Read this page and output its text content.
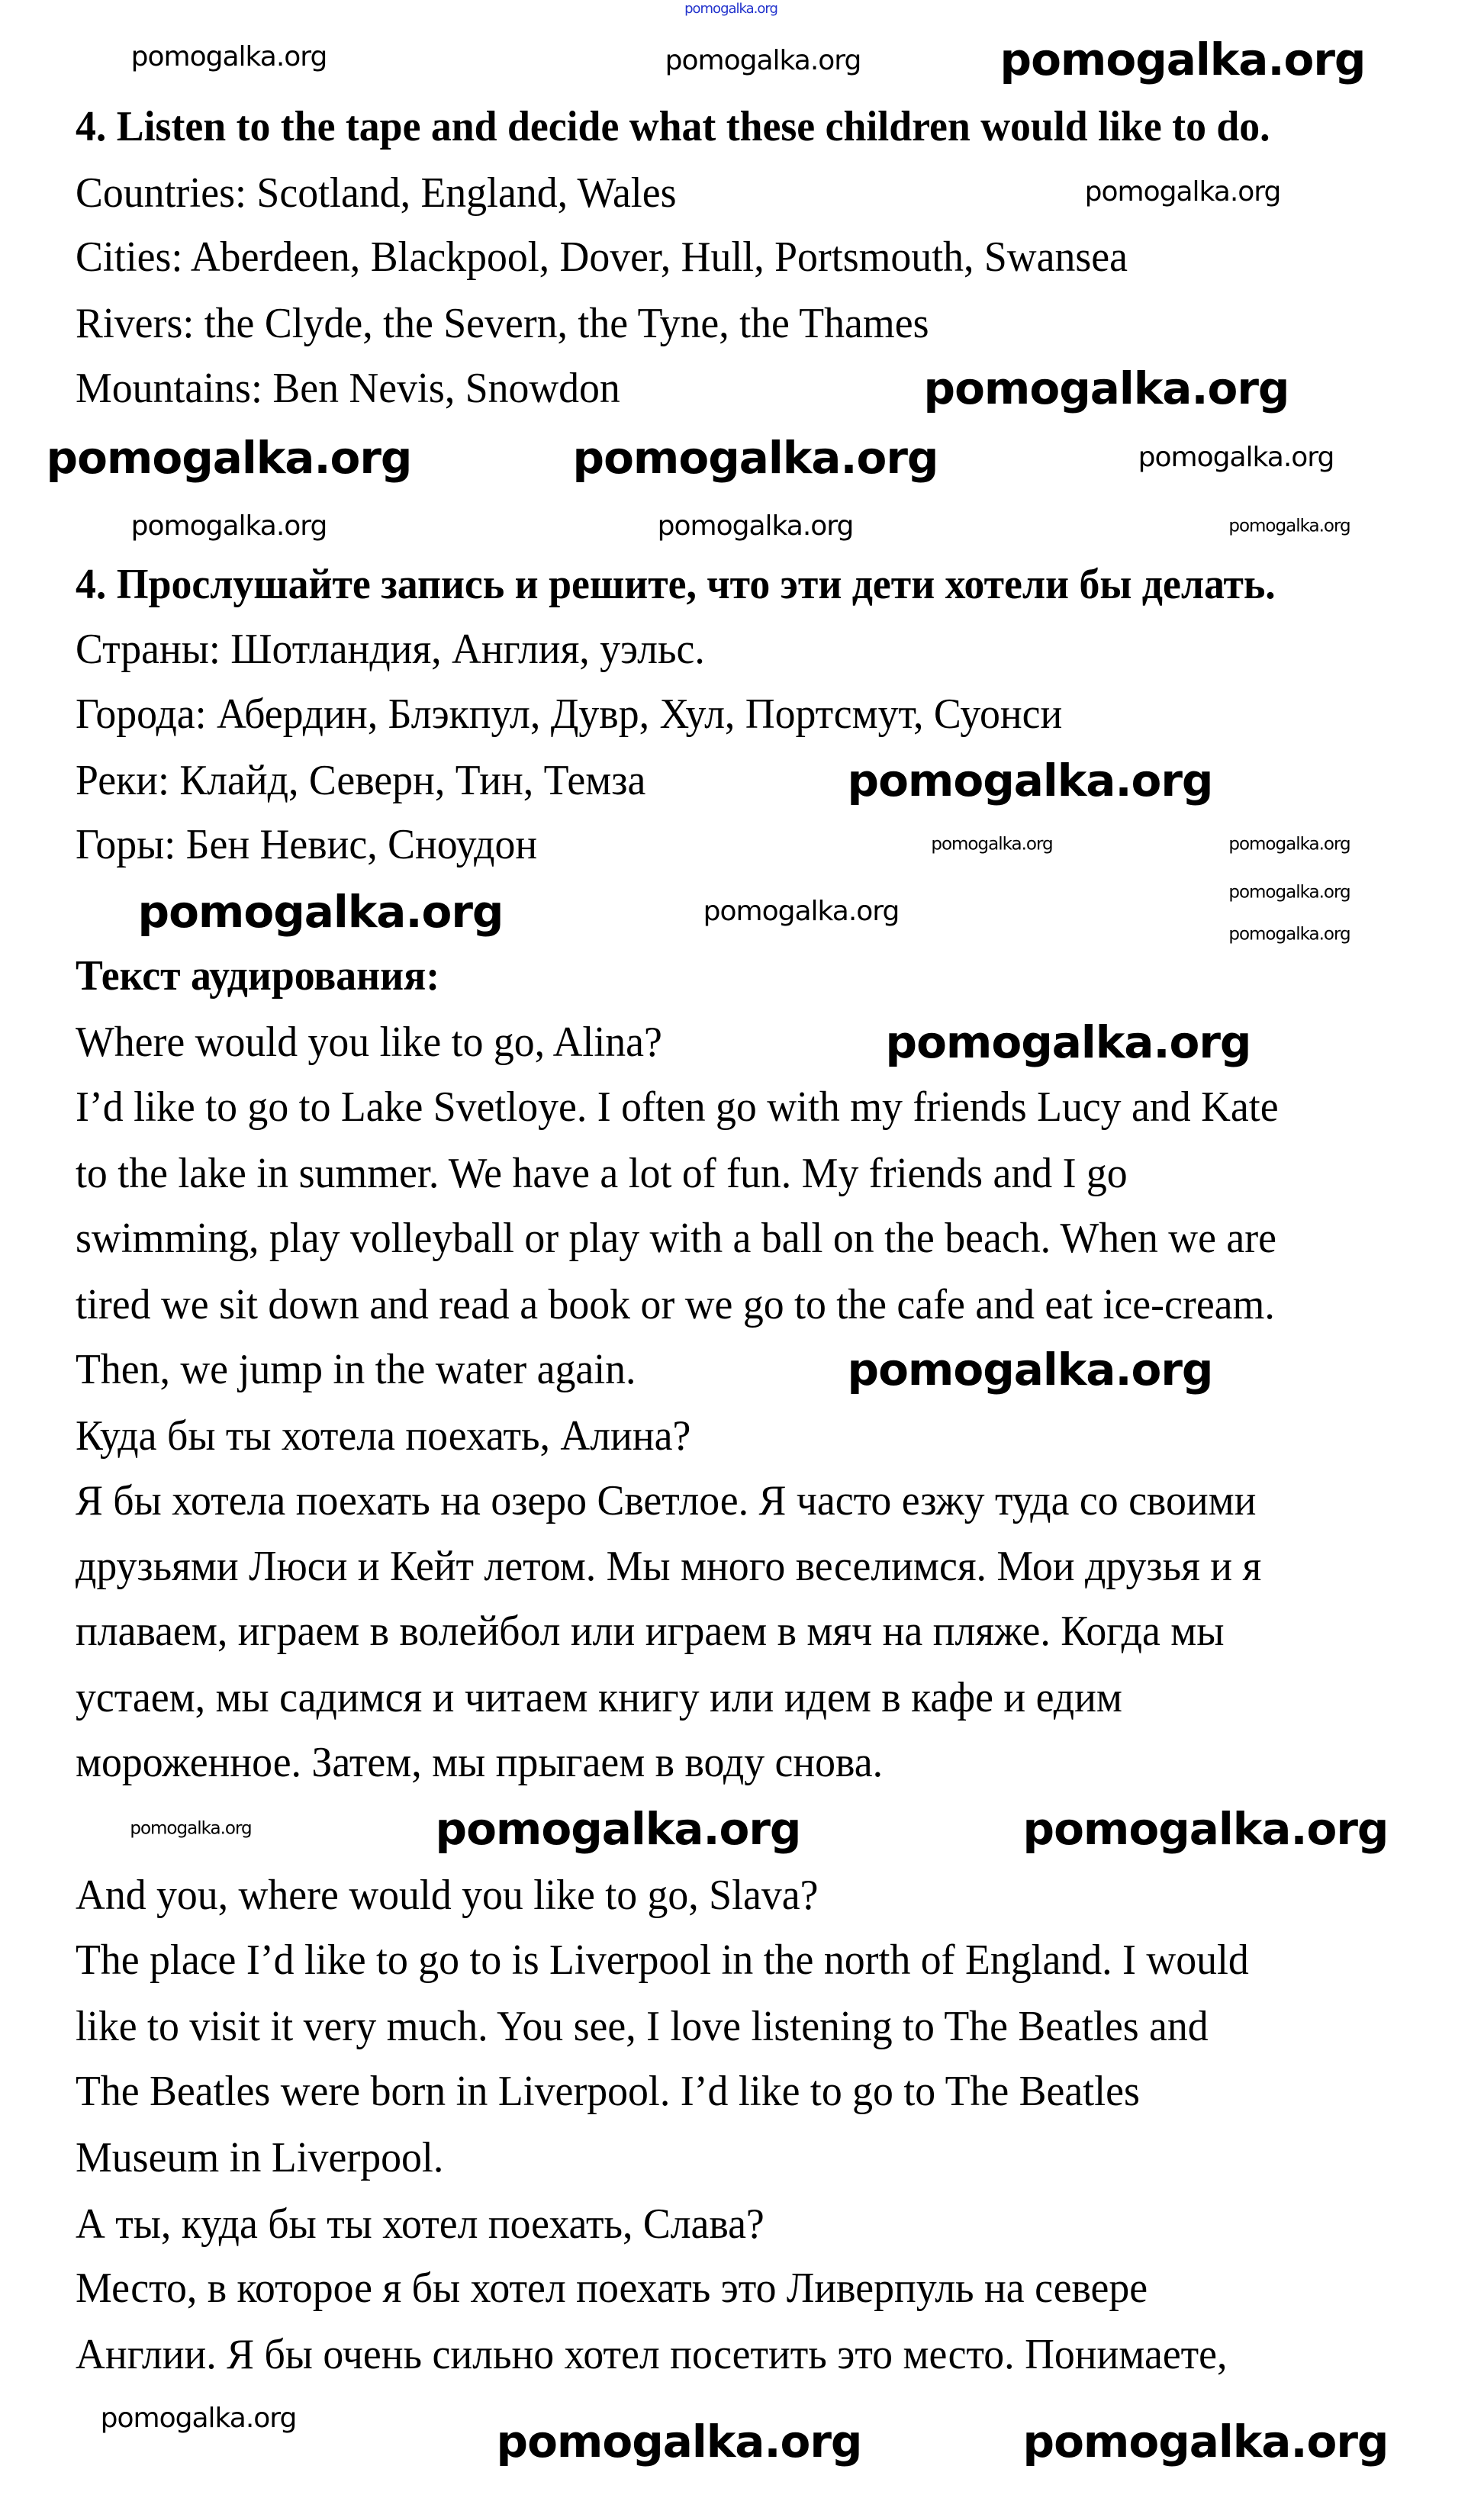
4. Listen to the tape and decide what these children would like to do.
Countries: Scotland, England, Wales
Cities: Aberdeen, Blackpool, Dover, Hull, Portsmouth, Swansea
Rivers: the Clyde, the Severn, the Tyne, the Thames
Mountains: Ben Nevis, Snowdon
4. Прослушайте запись и решите, что эти дети хотели бы делать.
Страны: Шотландия, Англия, уэльс.
Города: Абердин, Блэкпул, Дувр, Хул, Портсмут, Суонси
Реки: Клайд, Северн, Тин, Темза
Горы: Бен Невис, Сноудон
Текст аудирования:
Where would you like to go, Alina?
I’d like to go to Lake Svetloye. I often go with my friends Lucy and Kate
to the lake in summer. We have a lot of fun. My friends and I go
swimming, play volleyball or play with a ball on the beach. When we are
tired we sit down and read a book or we go to the cafe and eat ice-cream.
Then, we jump in the water again.
Куда бы ты хотела поехать, Алина?
Я бы хотела поехать на озеро Светлое. Я часто езжу туда со своими
друзьями Люси и Кейт летом. Мы много веселимся. Мои друзья и я
плаваем, играем в волейбол или играем в мяч на пляже. Когда мы
устаем, мы садимся и читаем книгу или идем в кафе и едим
мороженное. Затем, мы прыгаем в воду снова.
And you, where would you like to go, Slava?
The place I’d like to go to is Liverpool in the north of England. I would
like to visit it very much. You see, I love listening to The Beatles and
The Beatles were born in Liverpool. I’d like to go to The Beatles
Museum in Liverpool.
А ты, куда бы ты хотел поехать, Слава?
Место, в которое я бы хотел поехать это Ливерпуль на севере
Англии. Я бы очень сильно хотел посетить это место. Понимаете,
pomogalka.org
pomogalka.org	pomogalka.org	pomogalka.org
pomogalka.org
pomogalka.org
pomogalka.org	pomogalka.org	pomogalka.org
pomogalka.org	pomogalka.org	pomogalka.org
pomogalka.org
pomogalka.org	pomogalka.org
pomogalka.org	pomogalka.org
pomogalka.org
pomogalka.org
pomogalka.org
pomogalka.org
pomogalka.org	pomogalka.org	pomogalka.org
pomogalka.org	pomogalka.org
pomogalka.org
